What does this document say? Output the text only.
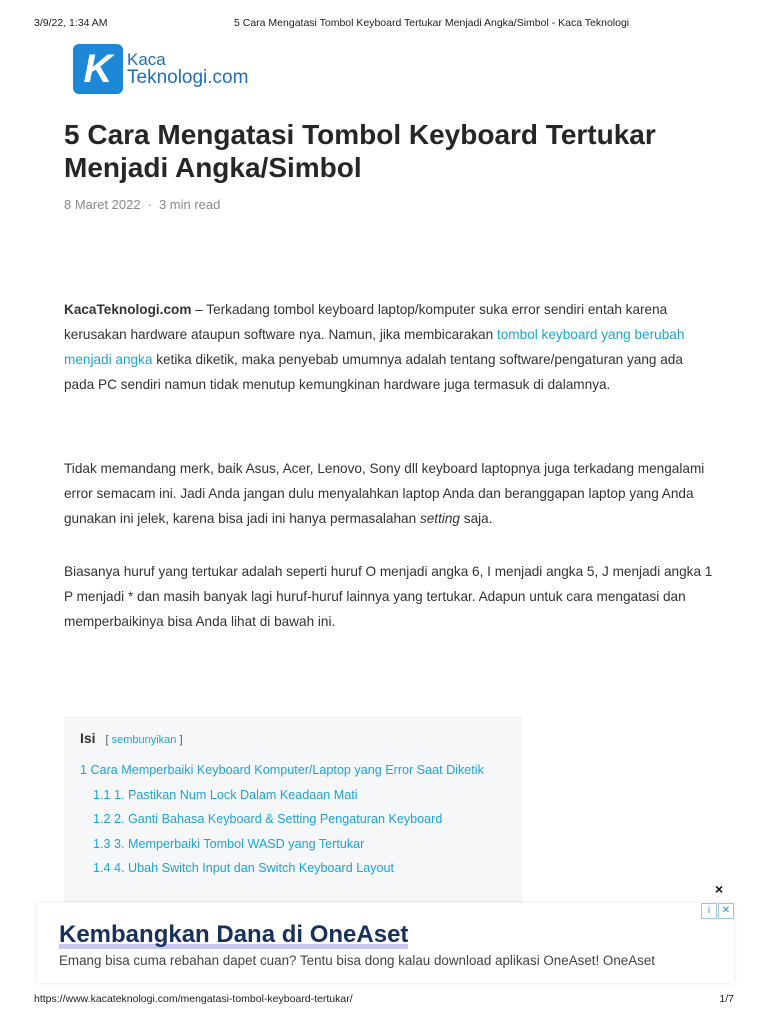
3/9/22, 1:34 AM	5 Cara Mengatasi Tombol Keyboard Tertukar Menjadi Angka/Simbol - Kaca Teknologi
K Kaca
Teknologi.com
5 Cara Mengatasi Tombol Keyboard Tertukar Menjadi Angka/Simbol
8 Maret 2022 · 3 min read

KacaTeknologi.com – Terkadang tombol keyboard laptop/komputer suka error sendiri entah karena kerusakan hardware ataupun software nya. Namun, jika membicarakan tombol keyboard yang berubah menjadi angka ketika diketik, maka penyebab umumnya adalah tentang software/pengaturan yang ada pada PC sendiri namun tidak menutup kemungkinan hardware juga termasuk di dalamnya.

Tidak memandang merk, baik Asus, Acer, Lenovo, Sony dll keyboard laptopnya juga terkadang mengalami error semacam ini. Jadi Anda jangan dulu menyalahkan laptop Anda dan beranggapan laptop yang Anda gunakan ini jelek, karena bisa jadi ini hanya permasalahan setting saja.

Biasanya huruf yang tertukar adalah seperti huruf O menjadi angka 6, I menjadi angka 5, J menjadi angka 1 P menjadi * dan masih banyak lagi huruf-huruf lainnya yang tertukar. Adapun untuk cara mengatasi dan memperbaikinya bisa Anda lihat di bawah ini.

Isi [ sembunyikan ]
1 Cara Memperbaiki Keyboard Komputer/Laptop yang Error Saat Diketik
1.1 1. Pastikan Num Lock Dalam Keadaan Mati
1.2 2. Ganti Bahasa Keyboard & Setting Pengaturan Keyboard
1.3 3. Memperbaiki Tombol WASD yang Tertukar
1.4 4. Ubah Switch Input dan Switch Keyboard Layout
×
i	✕
Kembangkan Dana di OneAset
Emang bisa cuma rebahan dapet cuan? Tentu bisa dong kalau download aplikasi OneAset! OneAset
https://www.kacateknologi.com/mengatasi-tombol-keyboard-tertukar/	1/7
